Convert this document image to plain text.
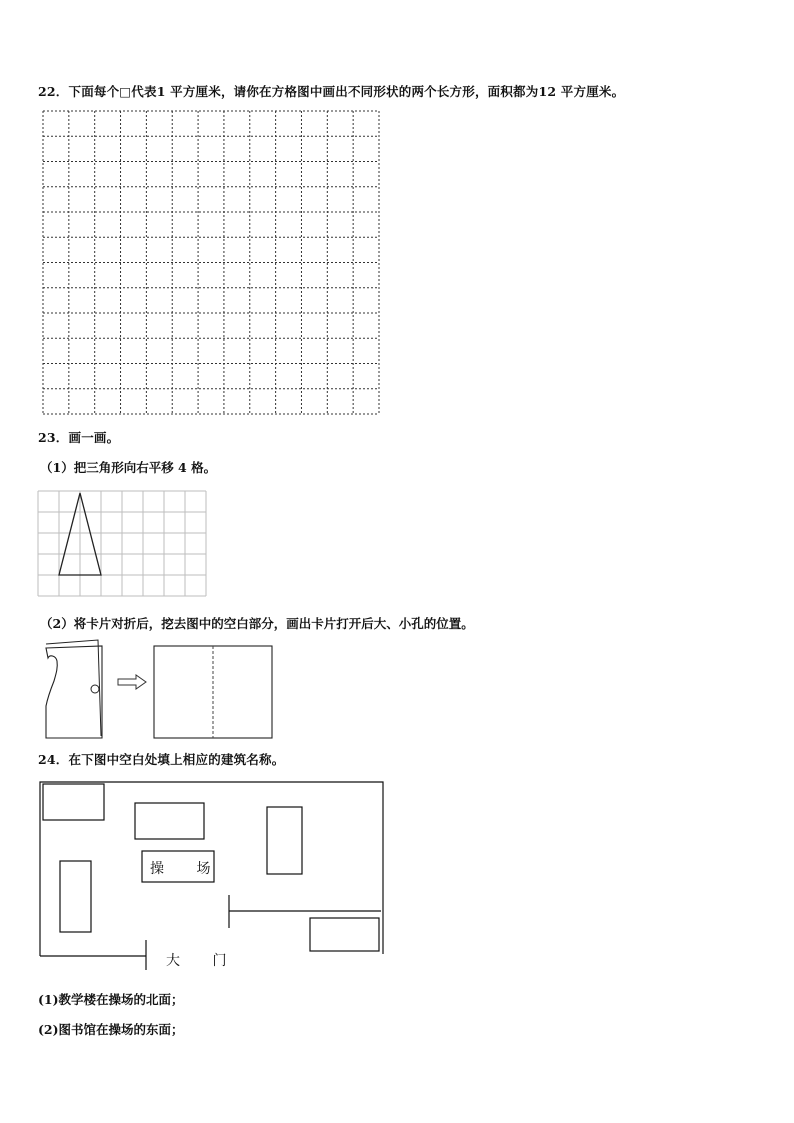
22．下面每个□代表1 平方厘米，请你在方格图中画出不同形状的两个长方形，面积都为12 平方厘米。
23．画一画。
（1）把三角形向右平移 4 格。
（2）将卡片对折后，挖去图中的空白部分，画出卡片打开后大、小孔的位置。
24．在下图中空白处填上相应的建筑名称。
操 场
大 门
(1)教学楼在操场的北面；
(2)图书馆在操场的东面；
